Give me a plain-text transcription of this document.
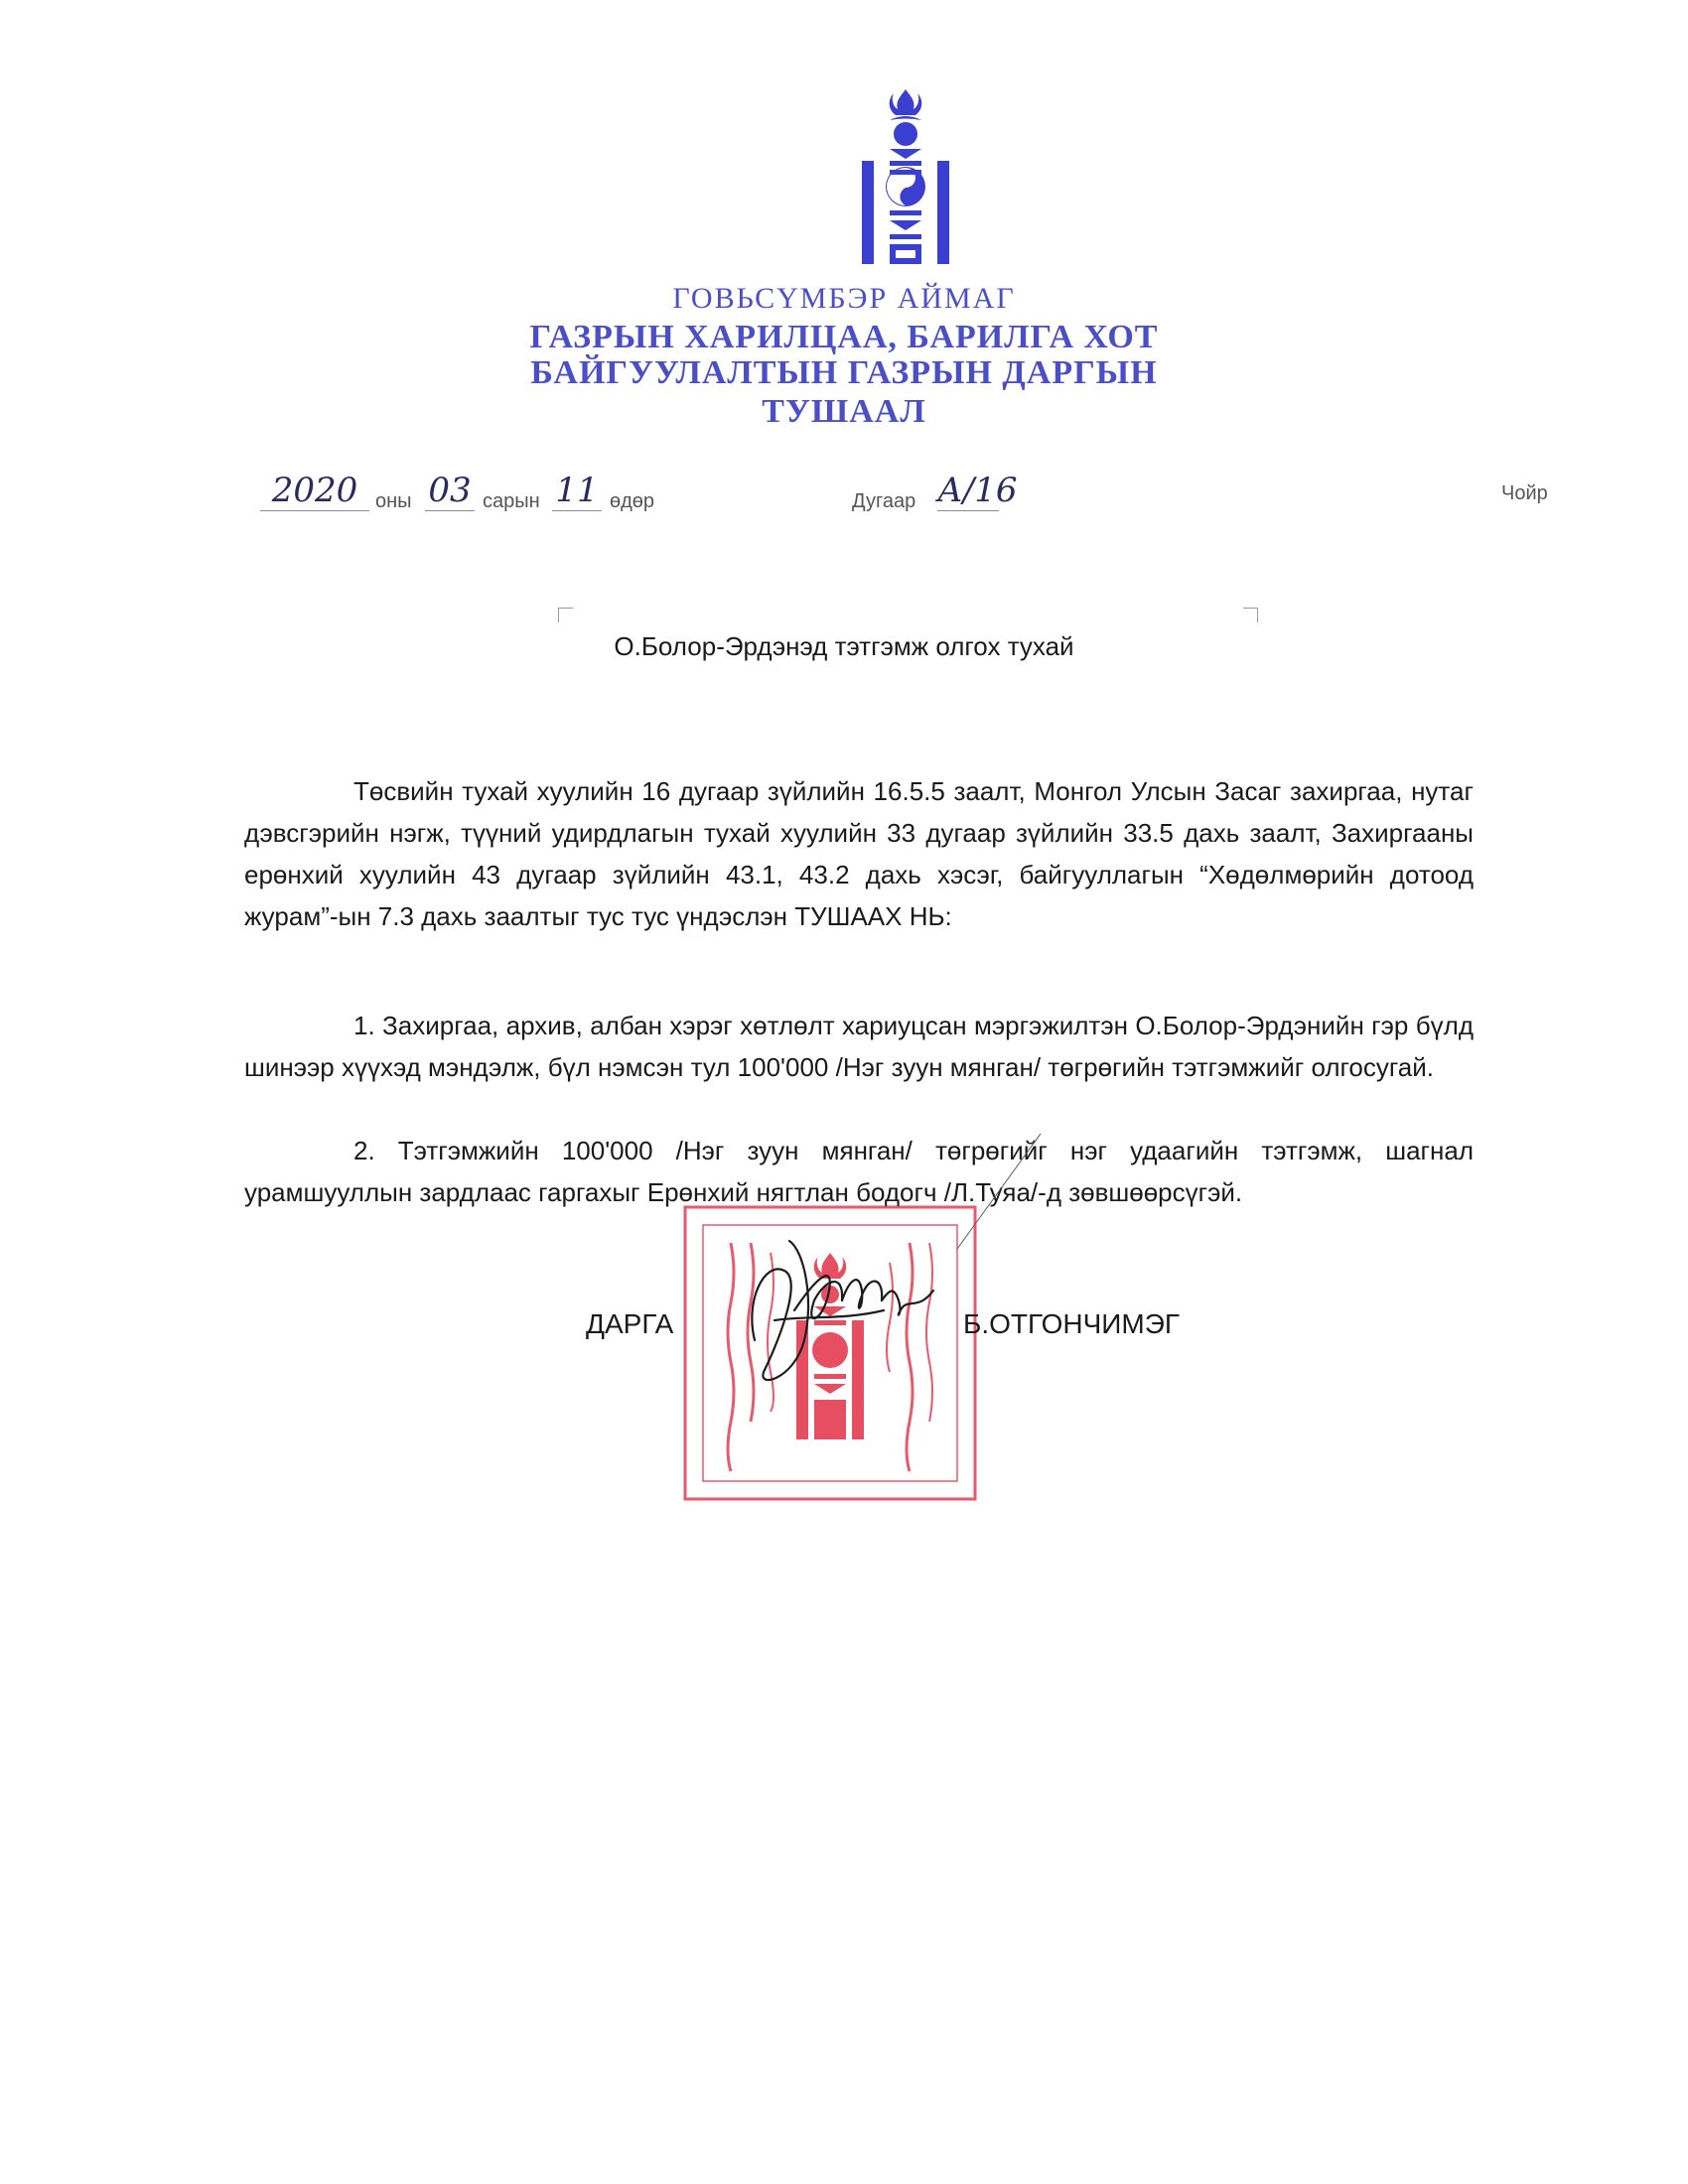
ГОВЬСҮМБЭР АЙМАГ
ГАЗРЫН ХАРИЛЦАА, БАРИЛГА ХОТ
БАЙГУУЛАЛТЫН ГАЗРЫН ДАРГЫН
ТУШААЛ
2020 оны 03 сарын 11 өдөр	Дугаар А/16	Чойр
О.Болор-Эрдэнэд тэтгэмж олгох тухай

Төсвийн тухай хуулийн 16 дугаар зүйлийн 16.5.5 заалт, Монгол Улсын Засаг захиргаа, нутаг дэвсгэрийн нэгж, түүний удирдлагын тухай хуулийн 33 дугаар зүйлийн 33.5 дахь заалт, Захиргааны ерөнхий хуулийн 43 дугаар зүйлийн 43.1, 43.2 дахь хэсэг, байгууллагын “Хөдөлмөрийн дотоод журам”-ын 7.3 дахь заалтыг тус тус үндэслэн ТУШААХ НЬ:

1. Захиргаа, архив, албан хэрэг хөтлөлт хариуцсан мэргэжилтэн О.Болор-Эрдэнийн гэр бүлд шинээр хүүхэд мэндэлж, бүл нэмсэн тул 100'000 /Нэг зуун мянган/ төгрөгийн тэтгэмжийг олгосугай.

2. Тэтгэмжийн 100'000 /Нэг зуун мянган/ төгрөгийг нэг удаагийн тэтгэмж, шагнал урамшууллын зардлаас гаргахыг Ерөнхий нягтлан бодогч /Л.Туяа/-д зөвшөөрсүгэй.

ДАРГА	Б.ОТГОНЧИМЭГ
